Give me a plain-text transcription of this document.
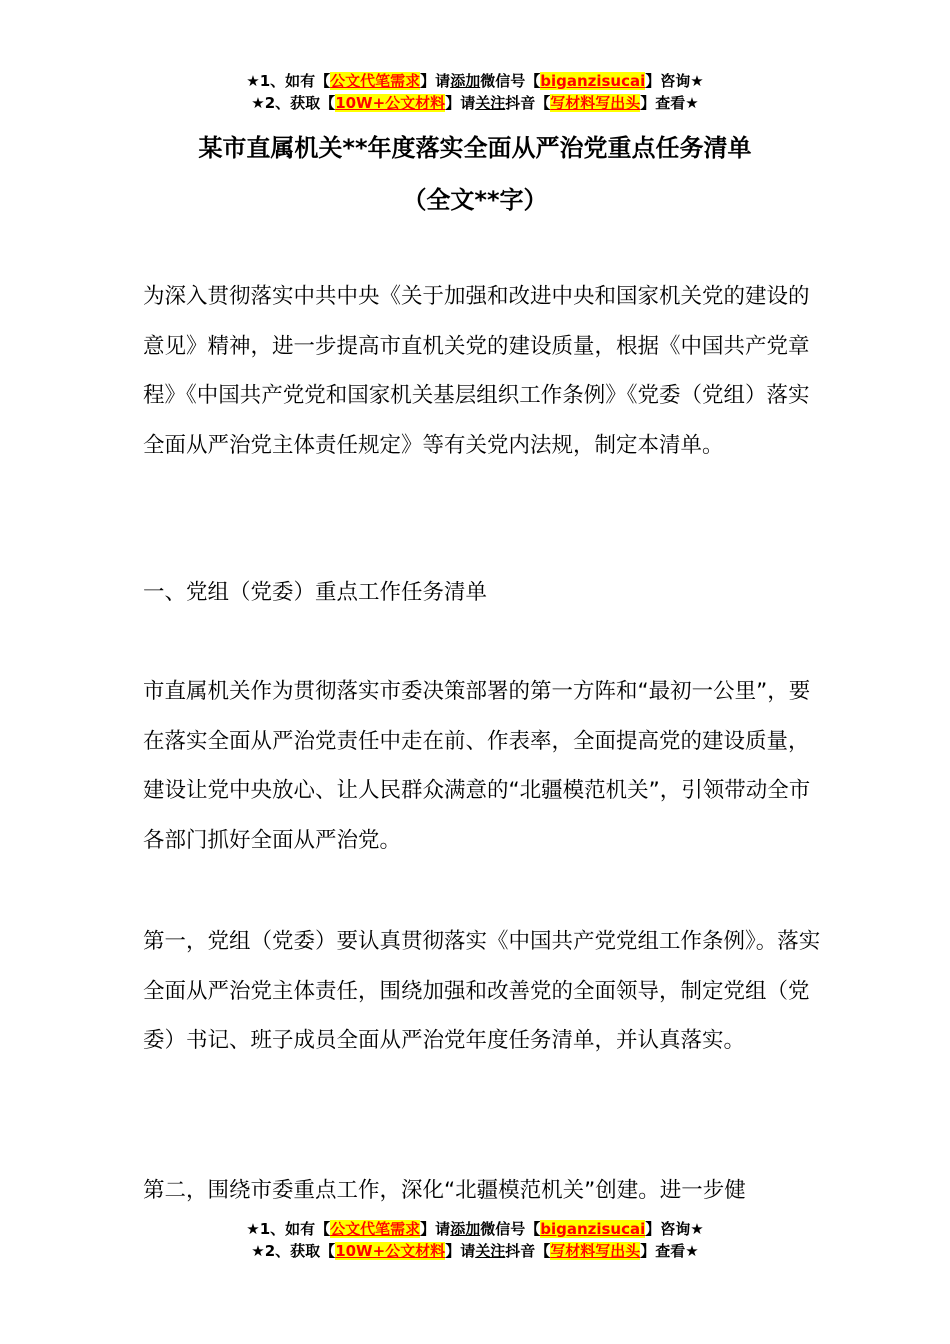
★1、如有【公文代笔需求】请添加微信号【biganzisucai】咨询★
★2、获取【10W+公文材料】请关注抖音【写材料写出头】查看★
某市直属机关**年度落实全面从严治党重点任务清单
（全文**字）

为深入贯彻落实中共中央《关于加强和改进中央和国家机关党的建设的意见》精神，进一步提高市直机关党的建设质量，根据《中国共产党章程》《中国共产党党和国家机关基层组织工作条例》《党委（党组）落实全面从严治党主体责任规定》等有关党内法规，制定本清单。

一、党组（党委）重点工作任务清单

市直属机关作为贯彻落实市委决策部署的第一方阵和“最初一公里”，要在落实全面从严治党责任中走在前、作表率，全面提高党的建设质量，建设让党中央放心、让人民群众满意的“北疆模范机关”，引领带动全市各部门抓好全面从严治党。

第一，党组（党委）要认真贯彻落实《中国共产党党组工作条例》。落实全面从严治党主体责任，围绕加强和改善党的全面领导，制定党组（党委）书记、班子成员全面从严治党年度任务清单，并认真落实。

第二，围绕市委重点工作，深化“北疆模范机关”创建。进一步健

★1、如有【公文代笔需求】请添加微信号【biganzisucai】咨询★
★2、获取【10W+公文材料】请关注抖音【写材料写出头】查看★
